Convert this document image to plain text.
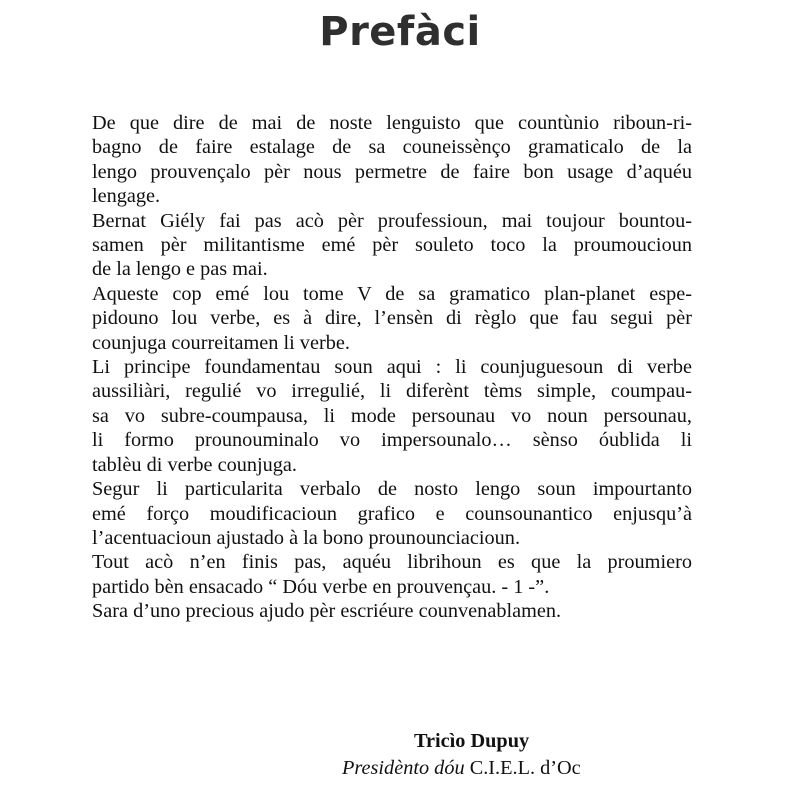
Prefàci
De que dire de mai de noste lenguisto que countùnio riboun-ri-
bagno de faire estalage de sa couneissènço gramaticalo de la
lengo prouvençalo pèr nous permetre de faire bon usage d’aquéu
lengage.
Bernat Giély fai pas acò pèr proufessioun, mai toujour bountou-
samen pèr militantisme emé pèr souleto toco la proumoucioun
de la lengo e pas mai.
Aqueste cop emé lou tome V de sa gramatico plan-planet espe-
pidouno lou verbe, es à dire, l’ensèn di règlo que fau segui pèr
counjuga courreitamen li verbe.
Li principe foundamentau soun aqui : li counjuguesoun di verbe
aussiliàri, regulié vo irregulié, li diferènt tèms simple, coumpau-
sa vo subre-coumpausa, li mode persounau vo noun persounau,
li formo prounouminalo vo impersounalo… sènso óublida li
tablèu di verbe counjuga.
Segur li particularita verbalo de nosto lengo soun impourtanto
emé forço moudificacioun grafico e counsounantico enjusqu’à
l’acentuacioun ajustado à la bono prounounciacioun.
Tout acò n’en finis pas, aquéu librihoun es que la proumiero
partido bèn ensacado “ Dóu verbe en prouvençau. - 1 -”.
Sara d’uno precious ajudo pèr escriéure counvenablamen.
Tricìo Dupuy
Presidènto dóu C.I.E.L. d’Oc
